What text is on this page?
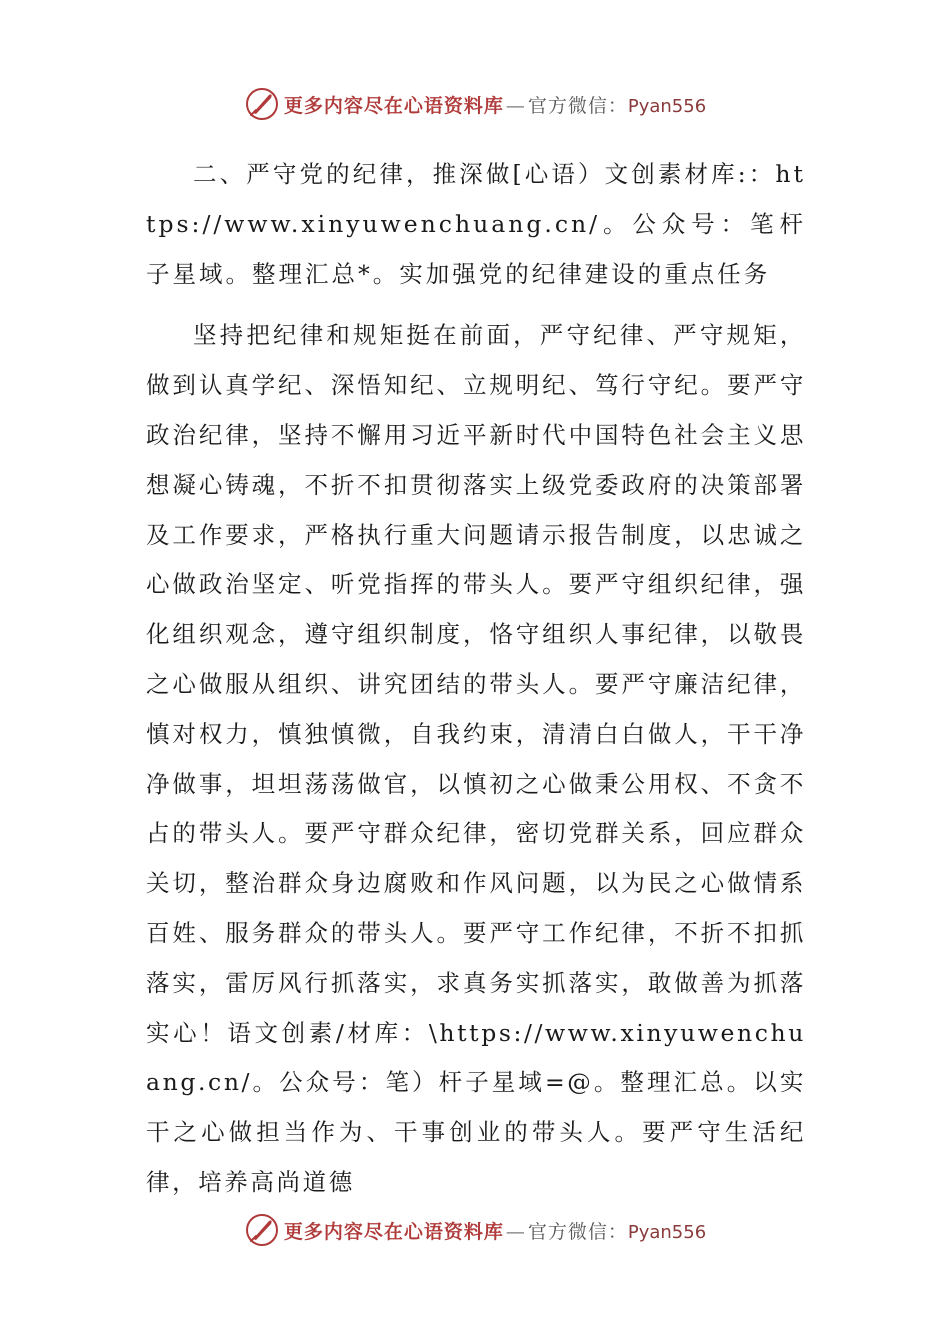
更多内容尽在心语资料库 — 官方微信：Pyan556

二、严守党的纪律，推深做[心语）文创素材库:：https://www.xinyuwenchuang.cn/。公众号：笔杆子星域。整理汇总*。实加强党的纪律建设的重点任务

坚持把纪律和规矩挺在前面，严守纪律、严守规矩，做到认真学纪、深悟知纪、立规明纪、笃行守纪。要严守政治纪律，坚持不懈用习近平新时代中国特色社会主义思想凝心铸魂，不折不扣贯彻落实上级党委政府的决策部署及工作要求，严格执行重大问题请示报告制度，以忠诚之心做政治坚定、听党指挥的带头人。要严守组织纪律，强化组织观念，遵守组织制度，恪守组织人事纪律，以敬畏之心做服从组织、讲究团结的带头人。要严守廉洁纪律，慎对权力，慎独慎微，自我约束，清清白白做人，干干净净做事，坦坦荡荡做官，以慎初之心做秉公用权、不贪不占的带头人。要严守群众纪律，密切党群关系，回应群众关切，整治群众身边腐败和作风问题，以为民之心做情系百姓、服务群众的带头人。要严守工作纪律，不折不扣抓落实，雷厉风行抓落实，求真务实抓落实，敢做善为抓落实心！语文创素/材库：\https://www.xinyuwenchuang.cn/。公众号：笔）杆子星域=@。整理汇总。以实干之心做担当作为、干事创业的带头人。要严守生活纪律，培养高尚道德

更多内容尽在心语资料库 — 官方微信：Pyan556
